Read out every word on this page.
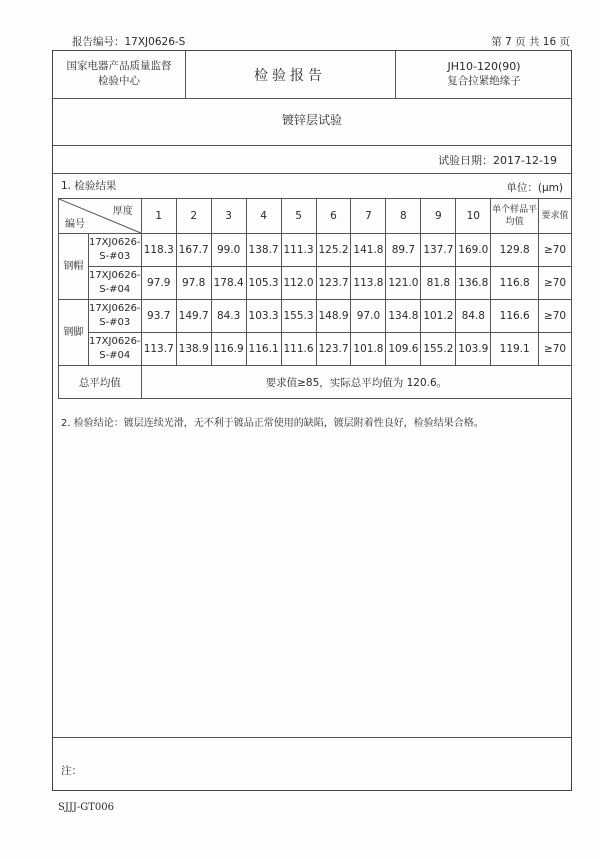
报告编号：17XJ0626-S	第 7 页 共 16 页
国家电器产品质量监督
检验中心	检验报告
JH10-120(90)
复合拉紧绝缘子
镀锌层试验
试验日期：2017-12-19
1. 检验结果	单位：(μm)
厚度
编号		1	2	3	4	5	6	7	8	9	10	单个样品平均值	要求值
钢帽	17XJ0626-S-#03	118.3	167.7	99.0	138.7	111.3	125.2	141.8	89.7	137.7	169.0	129.8	≥70
	17XJ0626-S-#04	97.9	97.8	178.4	105.3	112.0	123.7	113.8	121.0	81.8	136.8	116.8	≥70
钢脚	17XJ0626-S-#03	93.7	149.7	84.3	103.3	155.3	148.9	97.0	134.8	101.2	84.8	116.6	≥70
	17XJ0626-S-#04	113.7	138.9	116.9	116.1	111.6	123.7	101.8	109.6	155.2	103.9	119.1	≥70
总平均值		要求值≥85，实际总平均值为 120.6。											
2. 检验结论：镀层连续光滑，无不利于镀品正常使用的缺陷，镀层附着性良好，检验结果合格。
注：
SJJJ-GT006
